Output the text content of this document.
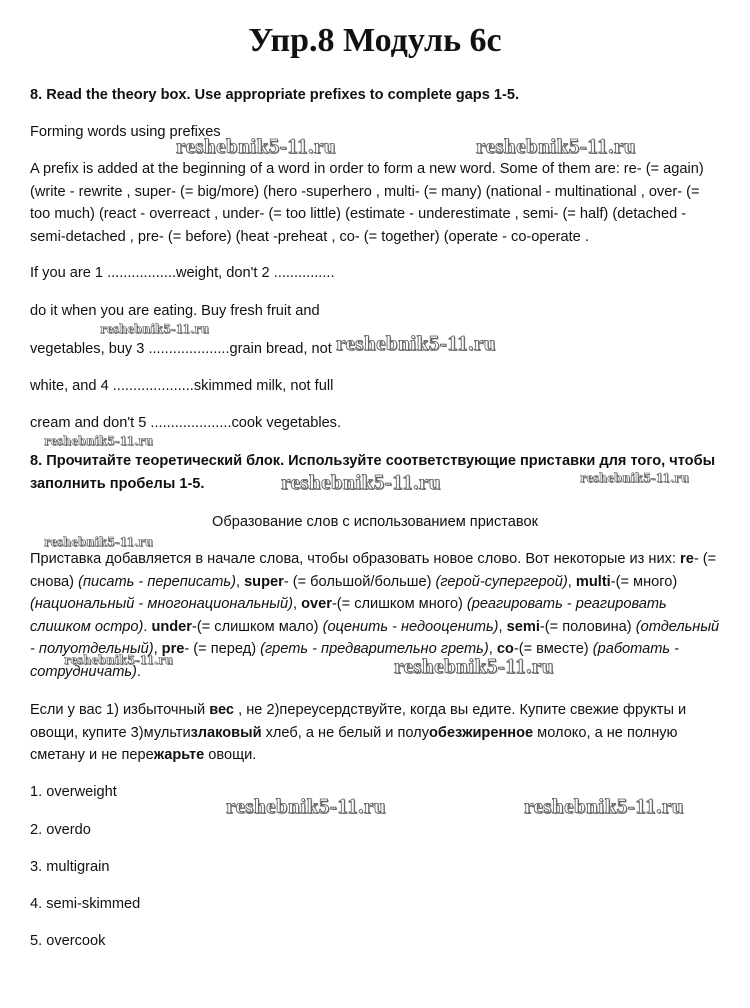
Упр.8 Модуль 6c

8. Read the theory box. Use appropriate prefixes to complete gaps 1-5.

Forming words using prefixes

A prefix is added at the beginning of a word in order to form a new word. Some of them are: re- (= again) (write - rewrite , super- (= big/more) (hero -superhero , multi- (= many) (national - multinational , over- (= too much) (react - overreact , under- (= too little) (estimate - underestimate , semi- (= half) (detached - semi-detached , pre- (= before) (heat -preheat , co- (= together) (operate - co-operate .

If you are 1 .................weight, don't 2 ...............

do it when you are eating. Buy fresh fruit and

vegetables, buy 3 ....................grain bread, not

white, and 4 ....................skimmed milk, not full

cream and don't 5 ....................cook vegetables.

8. Прочитайте теоретический блок. Используйте соответствующие приставки для того, чтобы заполнить пробелы 1-5.

Образование слов с использованием приставок

Приставка добавляется в начале слова, чтобы образовать новое слово. Вот некоторые из них: re- (= снова) (писать - переписать), super- (= большой/больше) (герой-супергерой), multi-(= много) (национальный - многонациональный), over-(= слишком много) (реагировать - реагировать слишком остро). under-(= слишком мало) (оценить - недооценить), semi-(= половина) (отдельный - полуотдельный), pre- (= перед) (греть - предварительно греть), co-(= вместе) (работать - сотрудничать).

Если у вас 1) избыточный вес , не 2)переусердствуйте, когда вы едите. Купите свежие фрукты и овощи, купите 3)мультизлаковый хлеб, а не белый и полуобезжиренное молоко, а не полную сметану и не пережарьте овощи.

1. overweight
2. overdo
3. multigrain
4. semi-skimmed
5. overcook
reshebnik5-11.ru	reshebnik5-11.ru
reshebnik5-11.ru
reshebnik5-11.ru
reshebnik5-11.ru
reshebnik5-11.ru	reshebnik5-11.ru
reshebnik5-11.ru
reshebnik5-11.ru	reshebnik5-11.ru
reshebnik5-11.ru	reshebnik5-11.ru
